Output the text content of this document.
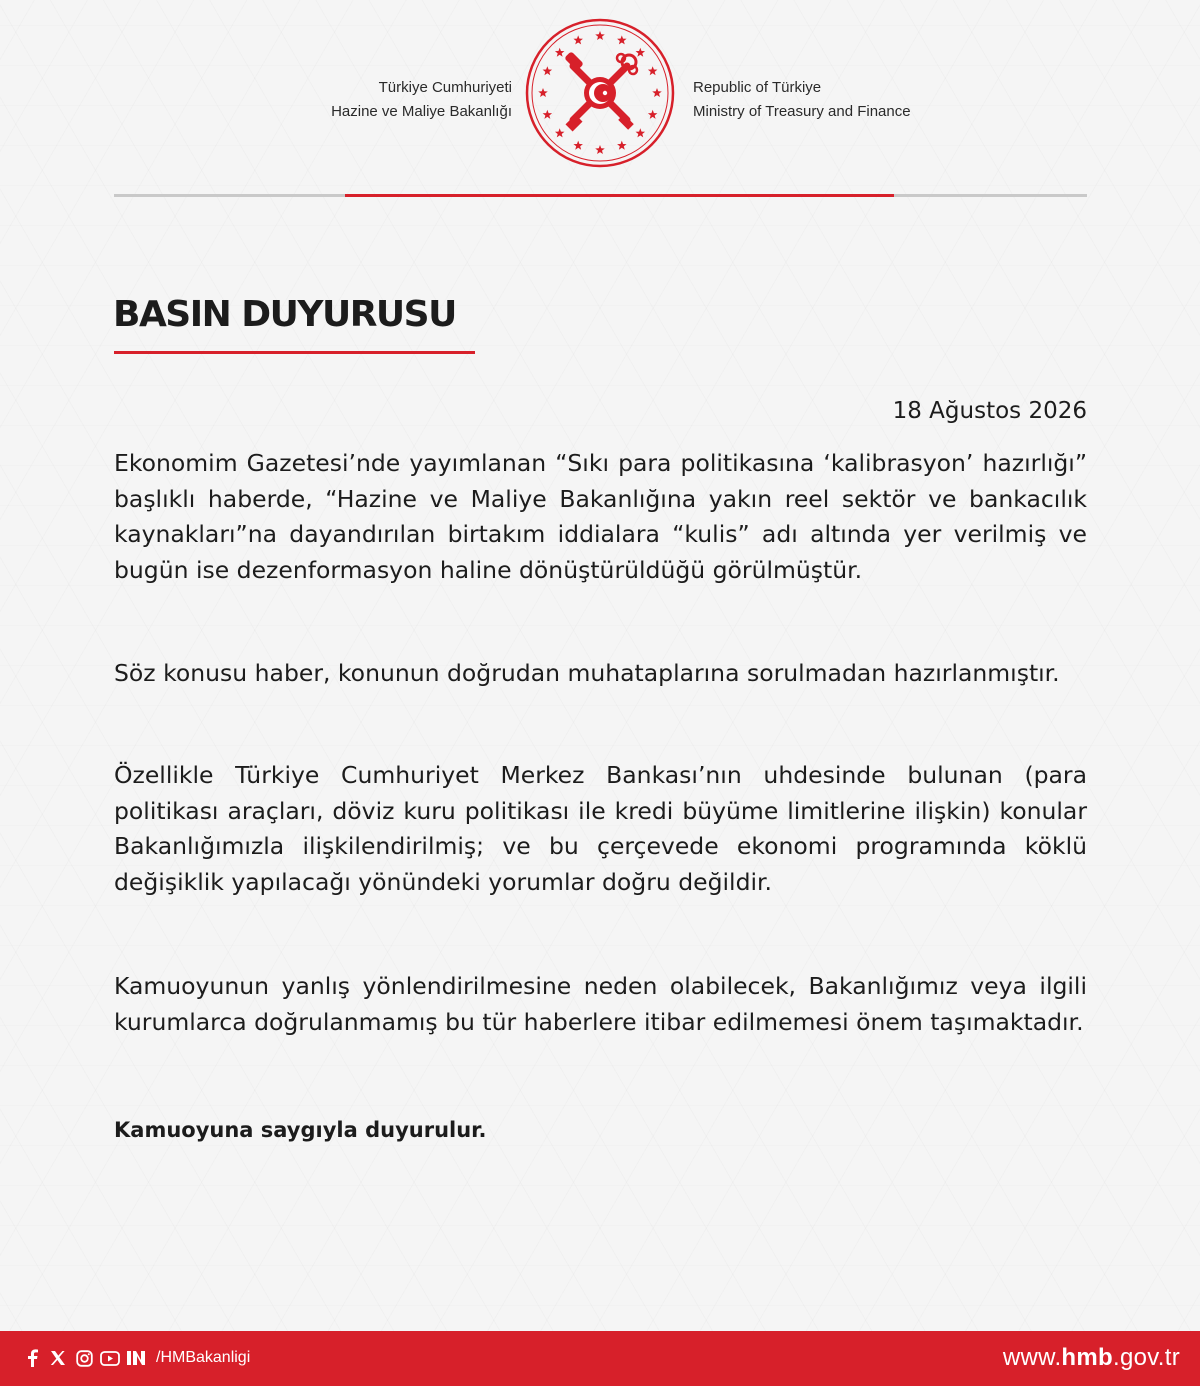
Türkiye Cumhuriyeti
Hazine ve Maliye Bakanlığı
Republic of Türkiye
Ministry of Treasury and Finance
BASIN DUYURUSU
18 Ağustos 2026

Ekonomim Gazetesi’nde yayımlanan “Sıkı para politikasına ‘kalibrasyon’ hazırlığı” başlıklı haberde, “Hazine ve Maliye Bakanlığına yakın reel sektör ve bankacılık kaynakları”na dayandırılan birtakım iddialara “kulis” adı altında yer verilmiş ve bugün ise dezenformasyon haline dönüştürüldüğü görülmüştür.

Söz konusu haber, konunun doğrudan muhataplarına sorulmadan hazırlanmıştır.

Özellikle Türkiye Cumhuriyet Merkez Bankası’nın uhdesinde bulunan (para politikası araçları, döviz kuru politikası ile kredi büyüme limitlerine ilişkin) konular Bakanlığımızla ilişkilendirilmiş; ve bu çerçevede ekonomi programında köklü değişiklik yapılacağı yönündeki yorumlar doğru değildir.

Kamuoyunun yanlış yönlendirilmesine neden olabilecek, Bakanlığımız veya ilgili kurumlarca doğrulanmamış bu tür haberlere itibar edilmemesi önem taşımaktadır.

Kamuoyuna saygıyla duyurulur.
/HMBakanligi	www.hmb.gov.tr
